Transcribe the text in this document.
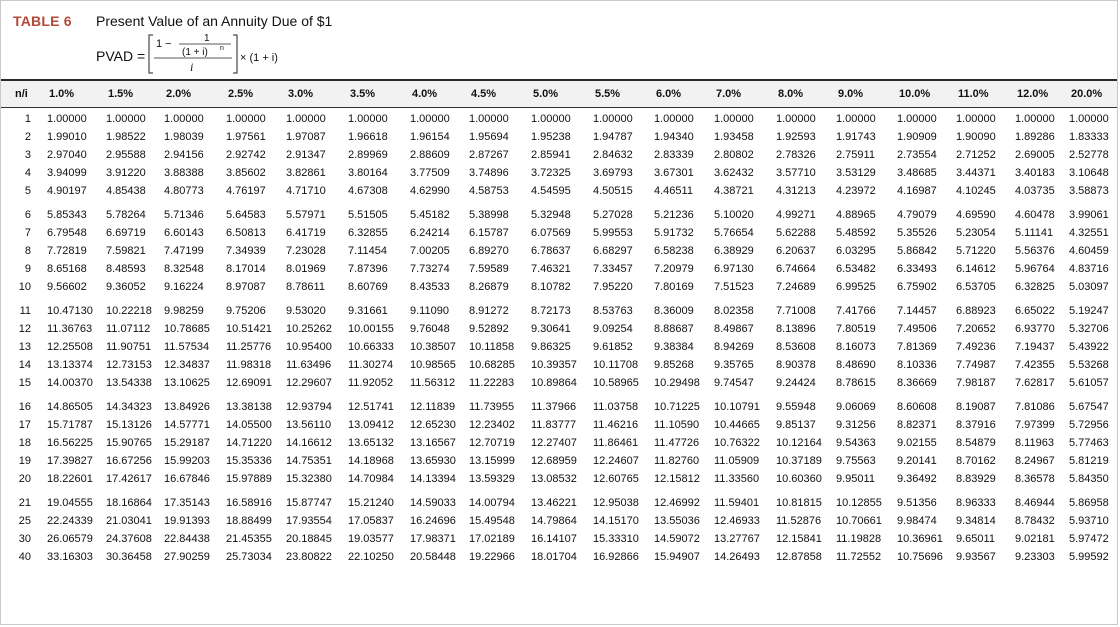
TABLE 6 Present Value of an Annuity Due of $1
PVAD =
1 −	1
(1 + i) n
i
× (1 + i)
n/i 1.0%	1.5%	2.0%	2.5%	3.0%	3.5%	4.0%	4.5%	5.0%	5.5%	6.0%	7.0%	8.0%	9.0%	10.0%	11.0%	12.0% 20.0%
1 1.00000 1.00000 1.00000 1.00000 1.00000 1.00000 1.00000 1.00000 1.00000 1.00000 1.00000 1.00000 1.00000 1.00000 1.00000 1.00000 1.00000 1.00000
2 1.99010 1.98522 1.98039 1.97561 1.97087 1.96618 1.96154 1.95694 1.95238 1.94787 1.94340 1.93458 1.92593 1.91743 1.90909 1.90090 1.89286 1.83333
3 2.97040 2.95588 2.94156 2.92742 2.91347 2.89969 2.88609 2.87267 2.85941 2.84632 2.83339 2.80802 2.78326 2.75911 2.73554 2.71252 2.69005 2.52778
4 3.94099 3.91220 3.88388 3.85602 3.82861 3.80164 3.77509 3.74896 3.72325 3.69793 3.67301 3.62432 3.57710 3.53129 3.48685 3.44371 3.40183 3.10648
5 4.90197 4.85438 4.80773 4.76197 4.71710 4.67308 4.62990 4.58753 4.54595 4.50515 4.46511 4.38721 4.31213 4.23972 4.16987 4.10245 4.03735 3.58873
6 5.85343 5.78264 5.71346 5.64583 5.57971 5.51505 5.45182 5.38998 5.32948 5.27028 5.21236 5.10020 4.99271 4.88965 4.79079 4.69590 4.60478 3.99061
7 6.79548 6.69719 6.60143 6.50813 6.41719 6.32855 6.24214 6.15787 6.07569 5.99553 5.91732 5.76654 5.62288 5.48592 5.35526 5.23054 5.11141 4.32551
8 7.72819 7.59821 7.47199 7.34939 7.23028 7.11454 7.00205 6.89270 6.78637 6.68297 6.58238 6.38929 6.20637 6.03295 5.86842 5.71220 5.56376 4.60459
9 8.65168 8.48593 8.32548 8.17014 8.01969 7.87396 7.73274 7.59589 7.46321 7.33457 7.20979 6.97130 6.74664 6.53482 6.33493 6.14612 5.96764 4.83716
10 9.56602 9.36052 9.16224 8.97087 8.78611 8.60769 8.43533 8.26879 8.10782 7.95220 7.80169 7.51523 7.24689 6.99525 6.75902 6.53705 6.32825 5.03097
11 10.47130 10.22218 9.98259 9.75206 9.53020 9.31661 9.11090 8.91272 8.72173 8.53763 8.36009 8.02358 7.71008 7.41766 7.14457 6.88923 6.65022 5.19247
12 11.36763 11.07112 10.78685 10.51421 10.25262 10.00155 9.76048 9.52892 9.30641 9.09254 8.88687 8.49867 8.13896 7.80519 7.49506 7.20652 6.93770 5.32706
13 12.25508 11.90751 11.57534 11.25776 10.95400 10.66333 10.38507 10.11858 9.86325 9.61852 9.38384 8.94269 8.53608 8.16073 7.81369 7.49236 7.19437 5.43922
14 13.13374 12.73153 12.34837 11.98318 11.63496 11.30274 10.98565 10.68285 10.39357 10.11708 9.85268 9.35765 8.90378 8.48690 8.10336 7.74987 7.42355 5.53268
15 14.00370 13.54338 13.10625 12.69091 12.29607 11.92052 11.56312 11.22283 10.89864 10.58965 10.29498 9.74547 9.24424 8.78615 8.36669 7.98187 7.62817 5.61057
16 14.86505 14.34323 13.84926 13.38138 12.93794 12.51741 12.11839 11.73955 11.37966 11.03758 10.71225 10.10791 9.55948 9.06069 8.60608 8.19087 7.81086 5.67547
17 15.71787 15.13126 14.57771 14.05500 13.56110 13.09412 12.65230 12.23402 11.83777 11.46216 11.10590 10.44665 9.85137 9.31256 8.82371 8.37916 7.97399 5.72956
18 16.56225 15.90765 15.29187 14.71220 14.16612 13.65132 13.16567 12.70719 12.27407 11.86461 11.47726 10.76322 10.12164 9.54363 9.02155 8.54879 8.11963 5.77463
19 17.39827 16.67256 15.99203 15.35336 14.75351 14.18968 13.65930 13.15999 12.68959 12.24607 11.82760 11.05909 10.37189 9.75563 9.20141 8.70162 8.24967 5.81219
20 18.22601 17.42617 16.67846 15.97889 15.32380 14.70984 14.13394 13.59329 13.08532 12.60765 12.15812 11.33560 10.60360 9.95011 9.36492 8.83929 8.36578 5.84350
21 19.04555 18.16864 17.35143 16.58916 15.87747 15.21240 14.59033 14.00794 13.46221 12.95038 12.46992 11.59401 10.81815 10.12855 9.51356 8.96333 8.46944 5.86958
25 22.24339 21.03041 19.91393 18.88499 17.93554 17.05837 16.24696 15.49548 14.79864 14.15170 13.55036 12.46933 11.52876 10.70661 9.98474 9.34814 8.78432 5.93710
30 26.06579 24.37608 22.84438 21.45355 20.18845 19.03577 17.98371 17.02189 16.14107 15.33310 14.59072 13.27767 12.15841 11.19828 10.36961 9.65011 9.02181 5.97472
40 33.16303 30.36458 27.90259 25.73034 23.80822 22.10250 20.58448 19.22966 18.01704 16.92866 15.94907 14.26493 12.87858 11.72552 10.75696 9.93567 9.23303 5.99592
